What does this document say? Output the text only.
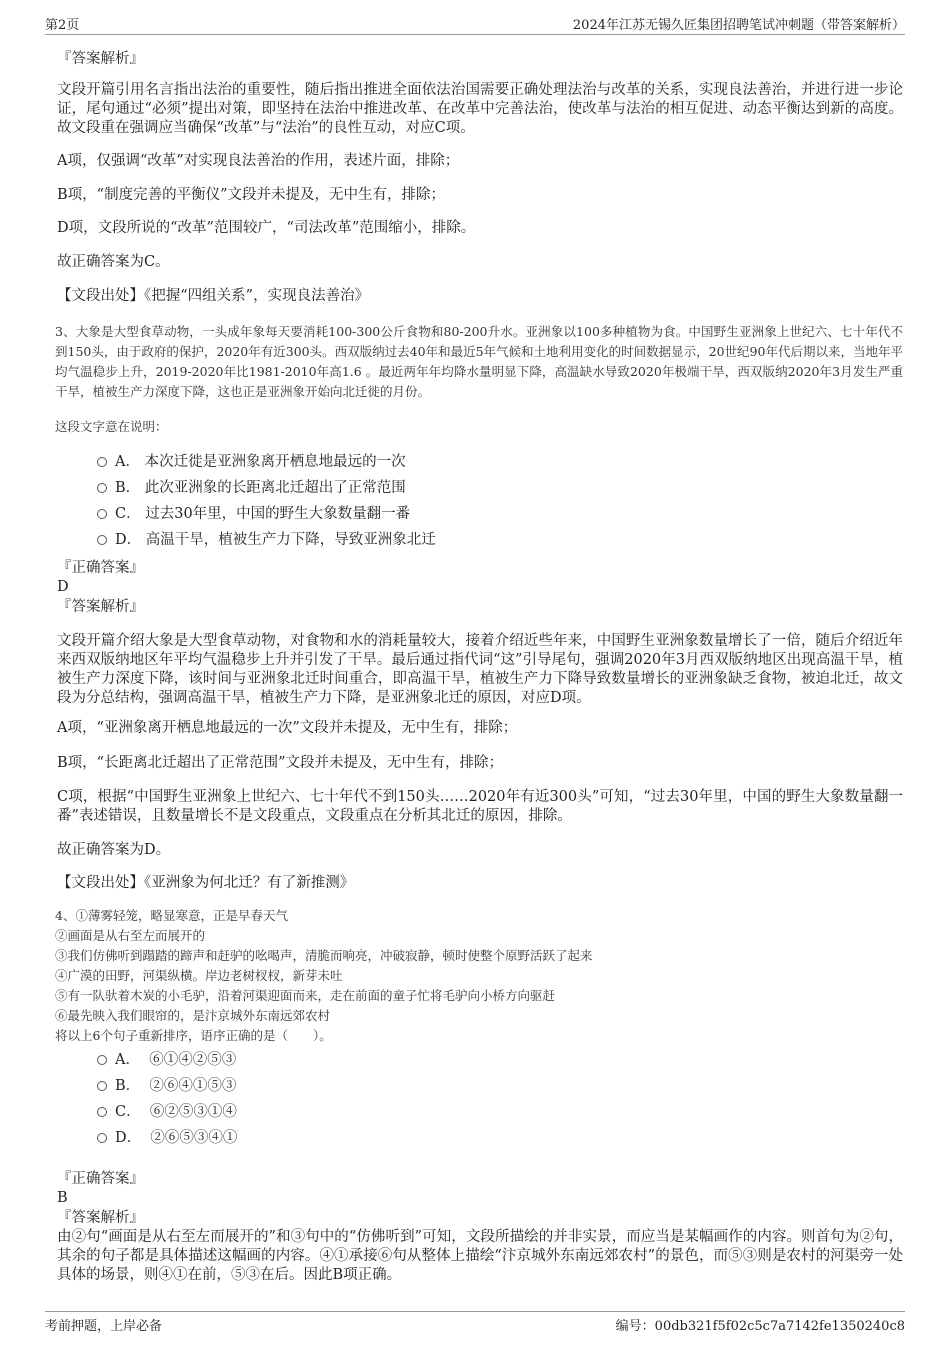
第2页	2024年江苏无锡久匠集团招聘笔试冲刺题（带答案解析）
『答案解析』
文段开篇引用名言指出法治的重要性，随后指出推进全面依法治国需要正确处理法治与改革的关系，实现良法善治，并进行进一步论证，尾句通过“必须”提出对策，即坚持在法治中推进改革、在改革中完善法治，使改革与法治的相互促进、动态平衡达到新的高度。故文段重在强调应当确保“改革”与“法治”的良性互动，对应C项。
A项，仅强调“改革”对实现良法善治的作用，表述片面，排除；
B项，“制度完善的平衡仪”文段并未提及，无中生有，排除；
D项，文段所说的“改革”范围较广，“司法改革”范围缩小，排除。
故正确答案为C。
【文段出处】《把握“四组关系”，实现良法善治》
3、大象是大型食草动物，一头成年象每天要消耗100-300公斤食物和80-200升水。亚洲象以100多种植物为食。中国野生亚洲象上世纪六、七十年代不到150头，由于政府的保护，2020年有近300头。西双版纳过去40年和最近5年气候和土地利用变化的时间数据显示，20世纪90年代后期以来，当地年平均气温稳步上升，2019-2020年比1981-2010年高1.6 。最近两年年均降水量明显下降，高温缺水导致2020年极端干旱，西双版纳2020年3月发生严重干旱，植被生产力深度下降，这也正是亚洲象开始向北迁徙的月份。
这段文字意在说明：
A． 本次迁徙是亚洲象离开栖息地最远的一次
B． 此次亚洲象的长距离北迁超出了正常范围
C． 过去30年里，中国的野生大象数量翻一番
D． 高温干旱，植被生产力下降，导致亚洲象北迁
『正确答案』
D
『答案解析』
文段开篇介绍大象是大型食草动物，对食物和水的消耗量较大，接着介绍近些年来，中国野生亚洲象数量增长了一倍，随后介绍近年来西双版纳地区年平均气温稳步上升并引发了干旱。最后通过指代词“这”引导尾句，强调2020年3月西双版纳地区出现高温干旱，植被生产力深度下降，该时间与亚洲象北迁时间重合，即高温干旱，植被生产力下降导致数量增长的亚洲象缺乏食物，被迫北迁，故文段为分总结构，强调高温干旱，植被生产力下降，是亚洲象北迁的原因，对应D项。
A项，“亚洲象离开栖息地最远的一次”文段并未提及，无中生有，排除；
B项，“长距离北迁超出了正常范围”文段并未提及，无中生有，排除；
C项，根据“中国野生亚洲象上世纪六、七十年代不到150头……2020年有近300头”可知，“过去30年里，中国的野生大象数量翻一番”表述错误，且数量增长不是文段重点，文段重点在分析其北迁的原因，排除。
故正确答案为D。
【文段出处】《亚洲象为何北迁？有了新推测》
4、①薄雾轻笼，略显寒意，正是早春天气
②画面是从右至左而展开的
③我们仿佛听到蹋踏的蹄声和赶驴的吆喝声，清脆而响亮，冲破寂静，顿时使整个原野活跃了起来
④广漠的田野，河渠纵横。岸边老树杈杈，新芽未吐
⑤有一队驮着木炭的小毛驴，沿着河渠迎面而来，走在前面的童子忙将毛驴向小桥方向驱赶
⑥最先映入我们眼帘的，是汴京城外东南远郊农村
将以上6个句子重新排序，语序正确的是（　　）。
A． ⑥①④②⑤③
B． ②⑥④①⑤③
C． ⑥②⑤③①④
D． ②⑥⑤③④①
『正确答案』
B
『答案解析』
由②句“画面是从右至左而展开的”和③句中的“仿佛听到”可知，文段所描绘的并非实景，而应当是某幅画作的内容。则首句为②句，其余的句子都是具体描述这幅画的内容。④①承接⑥句从整体上描绘“汴京城外东南远郊农村”的景色，而⑤③则是农村的河渠旁一处具体的场景，则④①在前，⑤③在后。因此B项正确。
考前押题，上岸必备	编号：00db321f5f02c5c7a7142fe1350240c8
